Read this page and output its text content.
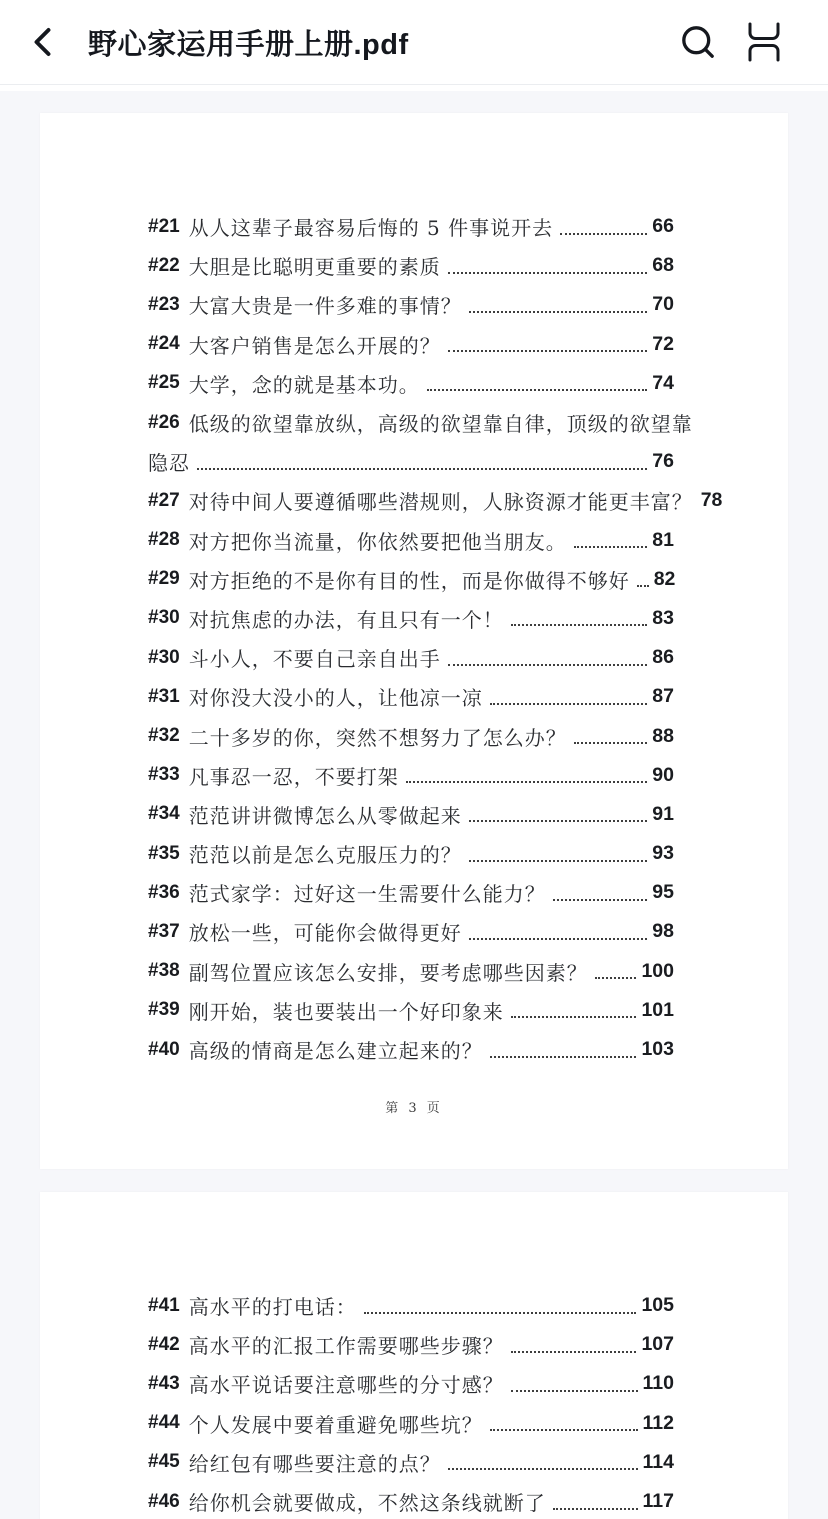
野心家运用手册上册.pdf
#21 从人这辈子最容易后悔的 5 件事说开去	66
#22 大胆是比聪明更重要的素质	68
#23 大富大贵是一件多难的事情？	70
#24 大客户销售是怎么开展的？	72
#25 大学，念的就是基本功。	74
#26 低级的欲望靠放纵，高级的欲望靠自律，顶级的欲望靠
隐忍	76
#27 对待中间人要遵循哪些潜规则，人脉资源才能更丰富？ 78
#28 对方把你当流量，你依然要把他当朋友。	81
#29 对方拒绝的不是你有目的性，而是你做得不够好 82
#30 对抗焦虑的办法，有且只有一个！	83
#30 斗小人，不要自己亲自出手	86
#31 对你没大没小的人，让他凉一凉	87
#32 二十多岁的你，突然不想努力了怎么办？	88
#33 凡事忍一忍，不要打架	90
#34 范范讲讲微博怎么从零做起来	91
#35 范范以前是怎么克服压力的？	93
#36 范式家学：过好这一生需要什么能力？	95
#37 放松一些，可能你会做得更好	98
#38 副驾位置应该怎么安排，要考虑哪些因素？	100
#39 刚开始，装也要装出一个好印象来	101
#40 高级的情商是怎么建立起来的？	103
第 3 页
#41 高水平的打电话：	105
#42 高水平的汇报工作需要哪些步骤？	107
#43 高水平说话要注意哪些的分寸感？	110
#44 个人发展中要着重避免哪些坑？	112
#45 给红包有哪些要注意的点？	114
#46 给你机会就要做成，不然这条线就断了	117
